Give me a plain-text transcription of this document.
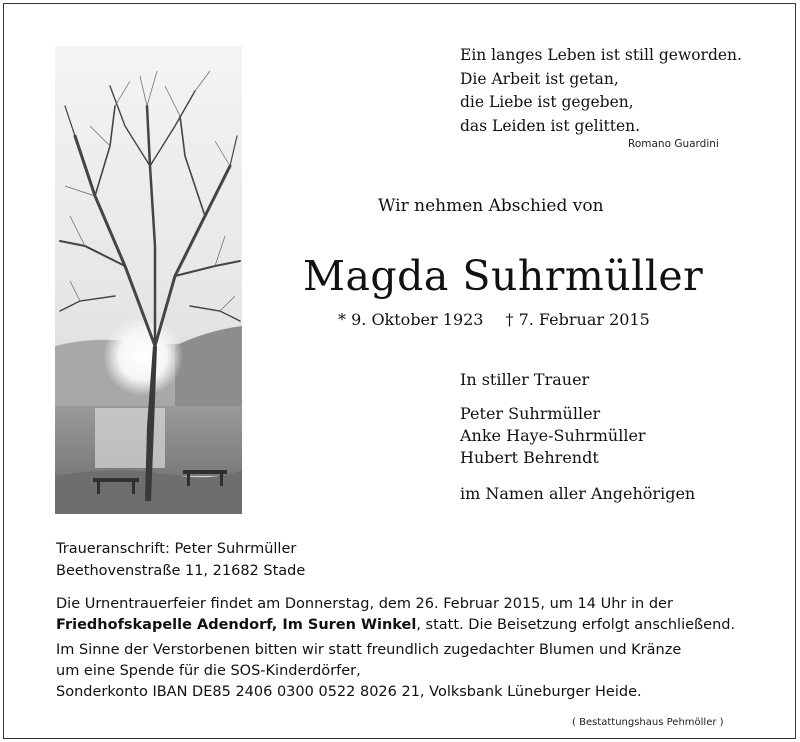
Ein langes Leben ist still geworden.
Die Arbeit ist getan,
die Liebe ist gegeben,
das Leiden ist gelitten.
Romano Guardini
Wir nehmen Abschied von
Magda Suhrmüller
* 9. Oktober 1923 † 7. Februar 2015
In stiller Trauer
Peter Suhrmüller
Anke Haye-Suhrmüller
Hubert Behrendt
im Namen aller Angehörigen
Traueranschrift: Peter Suhrmüller
Beethovenstraße 11, 21682 Stade
Die Urnentrauerfeier findet am Donnerstag, dem 26. Februar 2015, um 14 Uhr in der
Friedhofskapelle Adendorf, Im Suren Winkel, statt. Die Beisetzung erfolgt anschließend.
Im Sinne der Verstorbenen bitten wir statt freundlich zugedachter Blumen und Kränze
um eine Spende für die SOS-Kinderdörfer,
Sonderkonto IBAN DE85 2406 0300 0522 8026 21, Volksbank Lüneburger Heide.
( Bestattungshaus Pehmöller )
